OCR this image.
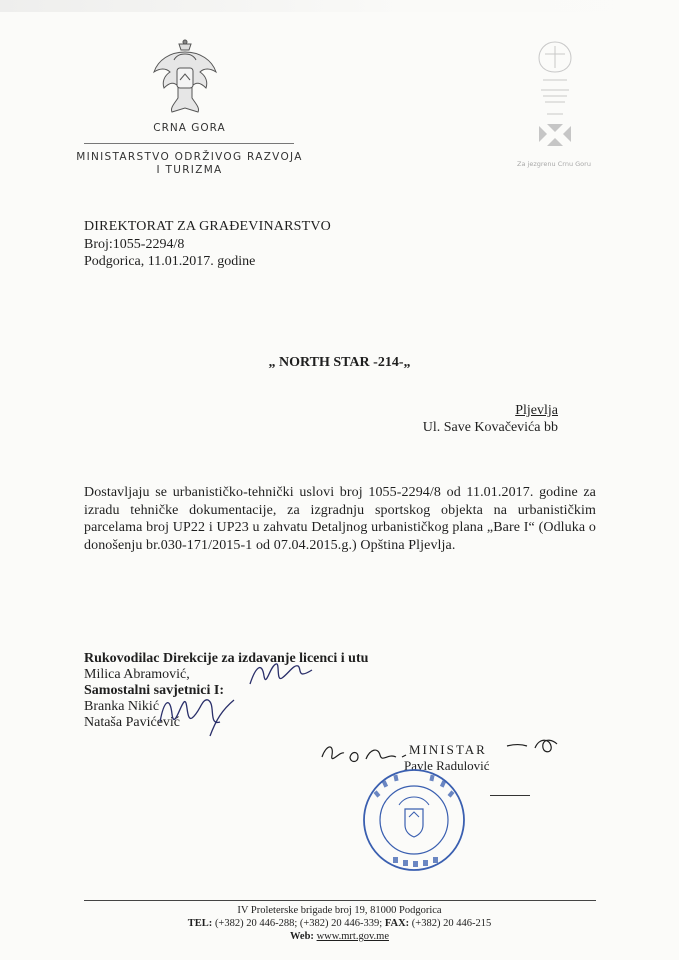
CRNA GORA
MINISTARSTVO ODRŽIVOG RAZVOJA
I TURIZMA	Za jezgrenu Crnu Goru
DIREKTORAT ZA GRAĐEVINARSTVO
Broj:1055-2294/8
Podgorica, 11.01.2017. godine
„ NORTH STAR -214-„
Pljevlja
Ul. Save Kovačevića bb

Dostavljaju se urbanističko-tehnički uslovi broj 1055-2294/8 od 11.01.2017. godine za izradu tehničke dokumentacije, za izgradnju sportskog objekta na urbanističkim parcelama broj UP22 i UP23 u zahvatu Detaljnog urbanističkog plana „Bare I“ (Odluka o donošenju br.030-171/2015-1 od 07.04.2015.g.) Opština Pljevlja.

Rukovodilac Direkcije za izdavanje licenci i utu
Milica Abramović,
Samostalni savjetnici I:
Branka Nikić
Nataša Pavićević
MINISTAR
Pavle Radulović
IV Proleterske brigade broj 19, 81000 Podgorica
TEL: (+382) 20 446-288; (+382) 20 446-339; FAX: (+382) 20 446-215
Web: www.mrt.gov.me
